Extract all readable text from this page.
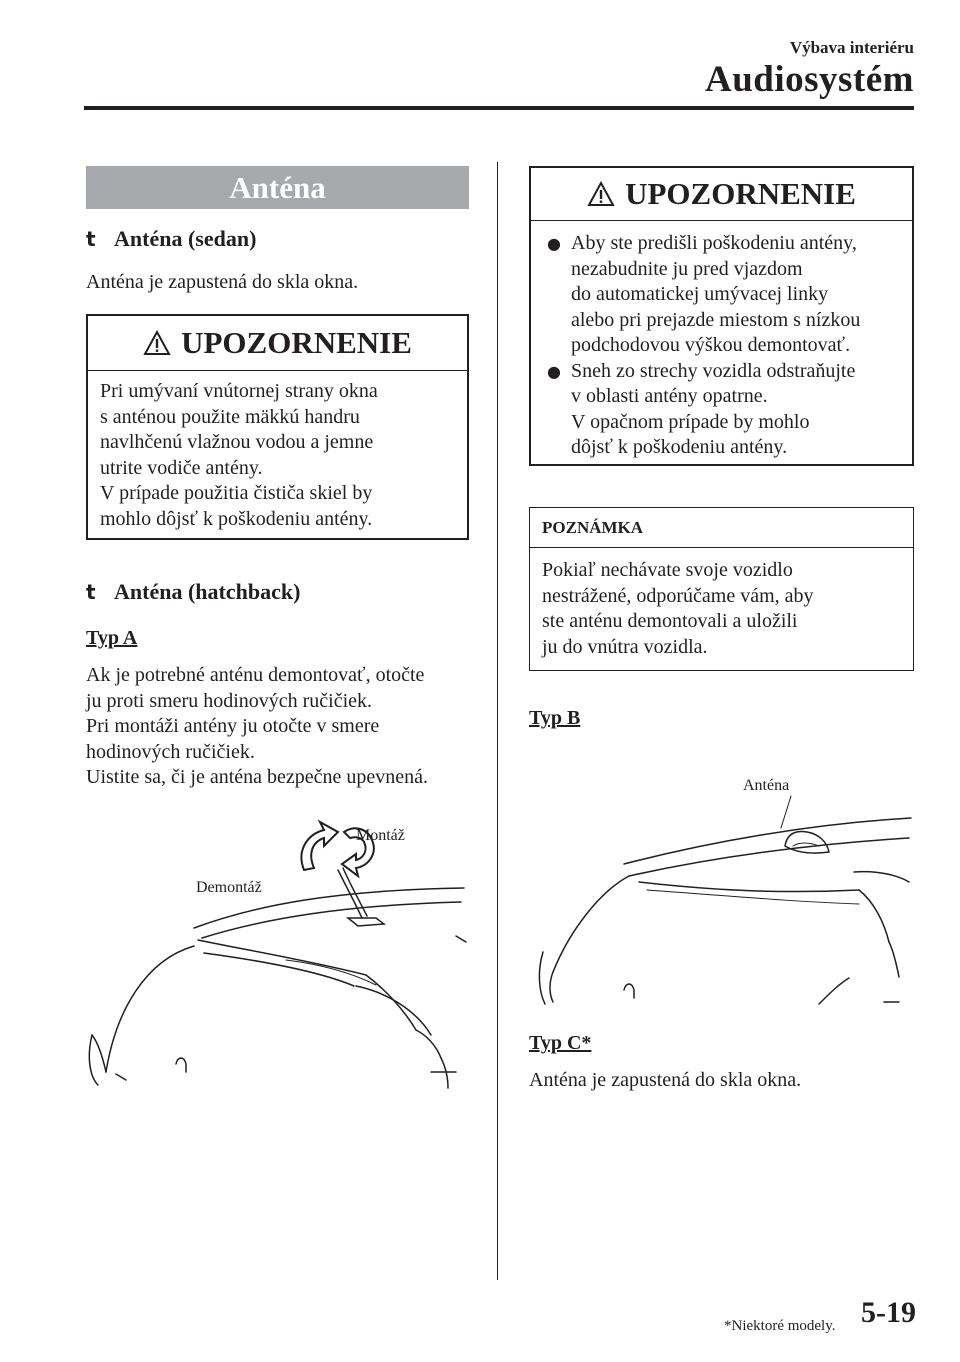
Výbava interiéru
Audiosystém
Anténa
t Anténa (sedan)
Anténa je zapustená do skla okna.
UPOZORNENIE
Pri umývaní vnútornej strany okna
s anténou použite mäkkú handru
navlhčenú vlažnou vodou a jemne
utrite vodiče antény.
V prípade použitia čističa skiel by
mohlo dôjsť k poškodeniu antény.
t Anténa (hatchback)
Typ A
Ak je potrebné anténu demontovať, otočte
ju proti smeru hodinových ručičiek.
Pri montáži antény ju otočte v smere
hodinových ručičiek.
Uistite sa, či je anténa bezpečne upevnená.
Demontáž
Montáž
UPOZORNENIE
● Aby ste predišli poškodeniu antény,
nezabudnite ju pred vjazdom
do automatickej umývacej linky
alebo pri prejazde miestom s nízkou
podchodovou výškou demontovať.
● Sneh zo strechy vozidla odstraňujte
v oblasti antény opatrne.
V opačnom prípade by mohlo
dôjsť k poškodeniu antény.
POZNÁMKA
Pokiaľ nechávate svoje vozidlo
nestrážené, odporúčame vám, aby
ste anténu demontovali a uložili
ju do vnútra vozidla.
Typ B
Anténa
Typ C*
Anténa je zapustená do skla okna.
*Niektoré modely. 5-19
